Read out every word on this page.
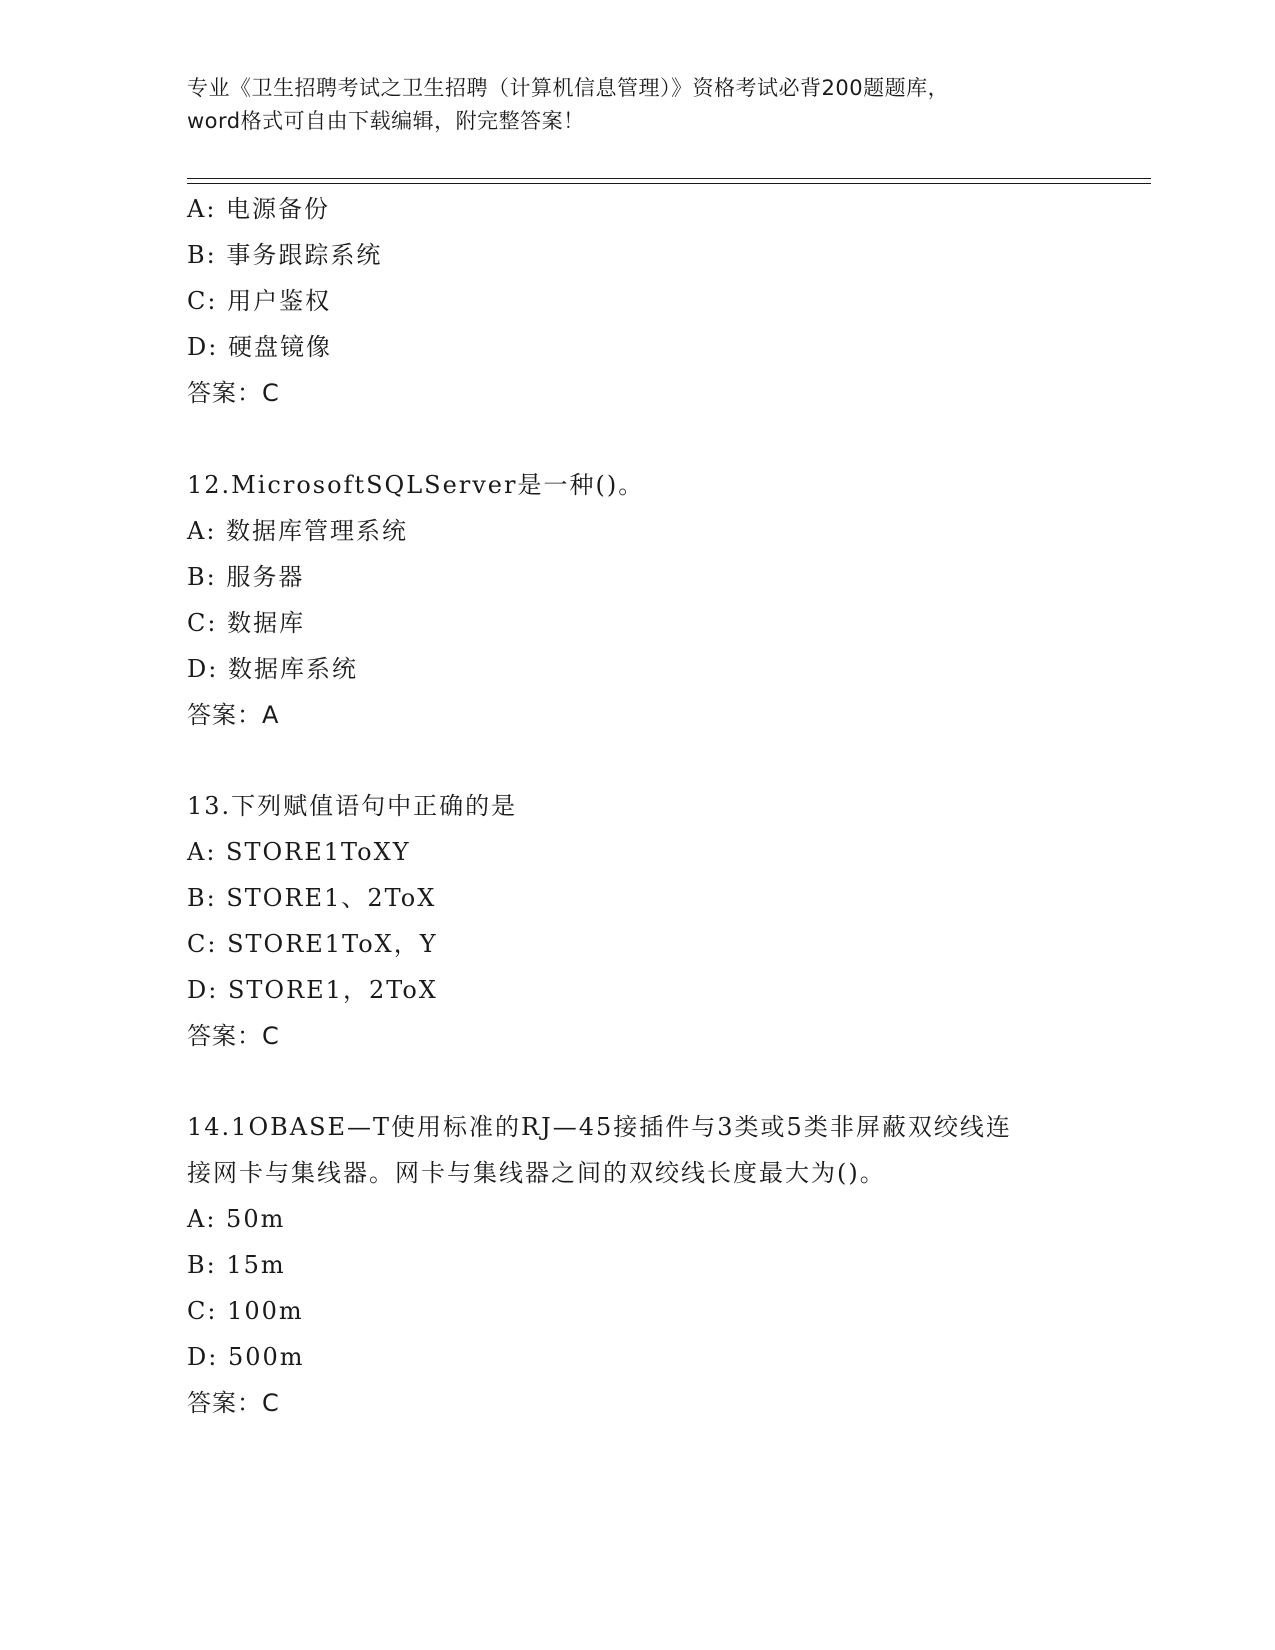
专业《卫生招聘考试之卫生招聘（计算机信息管理）》资格考试必背200题题库，
word格式可自由下载编辑，附完整答案！
A: 电源备份
B: 事务跟踪系统
C: 用户鉴权
D: 硬盘镜像
答案：C
12.MicrosoftSQLServer是一种()。
A: 数据库管理系统
B: 服务器
C: 数据库
D: 数据库系统
答案：A
13.下列赋值语句中正确的是
A: STORE1ToXY
B: STORE1、2ToX
C: STORE1ToX，Y
D: STORE1，2ToX
答案：C
14.1OBASE—T使用标准的RJ—45接插件与3类或5类非屏蔽双绞线连
接网卡与集线器。网卡与集线器之间的双绞线长度最大为()。
A: 50m
B: 15m
C: 100m
D: 500m
答案：C
